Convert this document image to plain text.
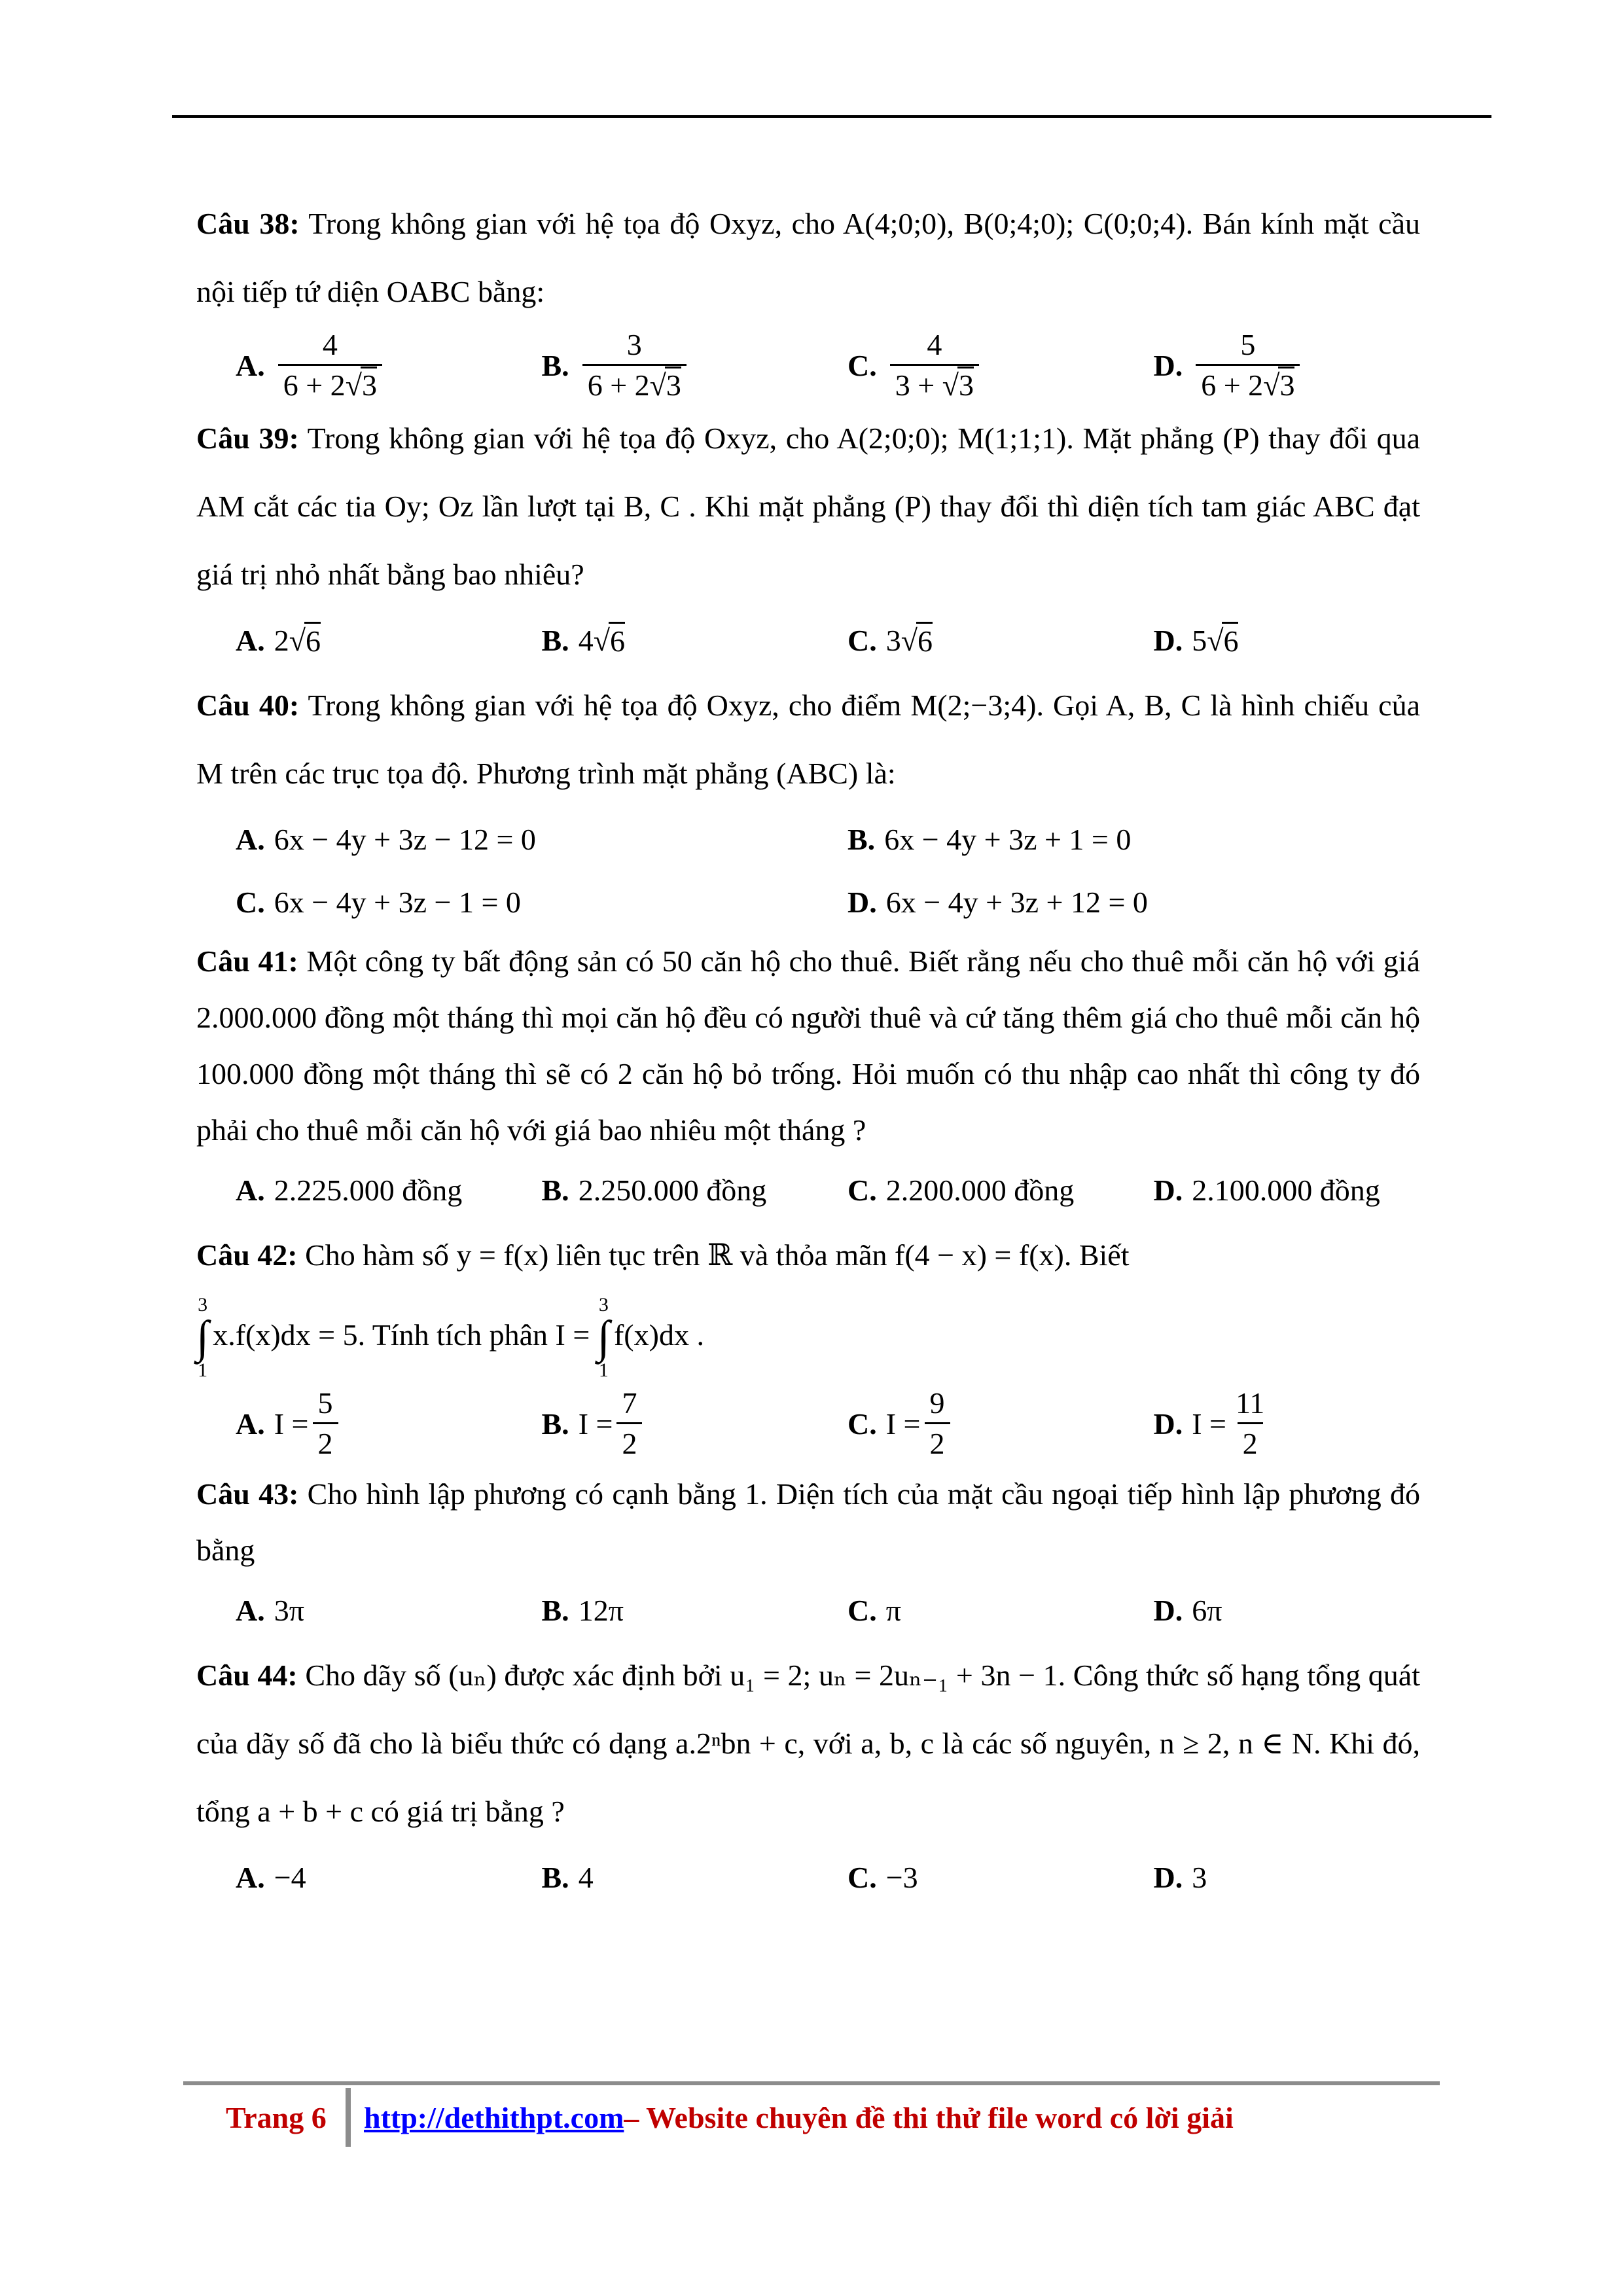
Câu 38: Trong không gian với hệ tọa độ Oxyz, cho A(4;0;0), B(0;4;0); C(0;0;4). Bán kính mặt cầu nội tiếp tứ diện OABC bằng:

A. $\frac{4}{6 + 2√3}$	B. $\frac{3}{6 + 2√3}$	C. $\frac{4}{3 + √3}$	D. $\frac{5}{6 + 2√3}$

Câu 39: Trong không gian với hệ tọa độ Oxyz, cho A(2;0;0); M(1;1;1). Mặt phẳng (P) thay đổi qua AM cắt các tia Oy; Oz lần lượt tại B, C . Khi mặt phẳng (P) thay đổi thì diện tích tam giác ABC đạt giá trị nhỏ nhất bằng bao nhiêu?

A. 2 √ 6	B. 4 √ 6	C. 3 √ 6	D. 5 √ 6

Câu 40: Trong không gian với hệ tọa độ Oxyz, cho điểm M(2;−3;4). Gọi A, B, C là hình chiếu của M trên các trục tọa độ. Phương trình mặt phẳng (ABC) là:

A. 6x − 4y + 3z − 12 = 0	B. 6x − 4y + 3z + 1 = 0
C. 6x − 4y + 3z − 1 = 0	D. 6x − 4y + 3z + 12 = 0

Câu 41: Một công ty bất động sản có 50 căn hộ cho thuê. Biết rằng nếu cho thuê mỗi căn hộ với giá 2.000.000 đồng một tháng thì mọi căn hộ đều có người thuê và cứ tăng thêm giá cho thuê mỗi căn hộ 100.000 đồng một tháng thì sẽ có 2 căn hộ bỏ trống. Hỏi muốn có thu nhập cao nhất thì công ty đó phải cho thuê mỗi căn hộ với giá bao nhiêu một tháng ?

A. 2.225.000 đồng	B. 2.250.000 đồng	C. 2.200.000 đồng	D. 2.100.000 đồng

Câu 42: Cho hàm số y = f(x) liên tục trên ℝ và thỏa mãn f(4 − x) = f(x). Biết

3
∫
1
x.f(x)dx = 5. Tính tích phân I =
3
∫
1
f(x)dx .

A. $I = \frac{5}{2}$	B. $I = \frac{7}{2}$	C. $I = \frac{9}{2}$	D. $I = \frac{11}{2}$

Câu 43: Cho hình lập phương có cạnh bằng 1. Diện tích của mặt cầu ngoại tiếp hình lập phương đó bằng

A. 3π	B. 12π	C. π	D. 6π

Câu 44: Cho dãy số (uₙ) được xác định bởi u₁ = 2; uₙ = 2uₙ₋₁ + 3n − 1. Công thức số hạng tổng quát của dãy số đã cho là biểu thức có dạng a.2ⁿbn + c, với a, b, c là các số nguyên, n ≥ 2, n ∈ N. Khi đó, tổng a + b + c có giá trị bằng ?

A. −4	B. 4	C. −3	D. 3
Trang 6 http://dethithpt.com – Website chuyên đề thi thử file word có lời giải
